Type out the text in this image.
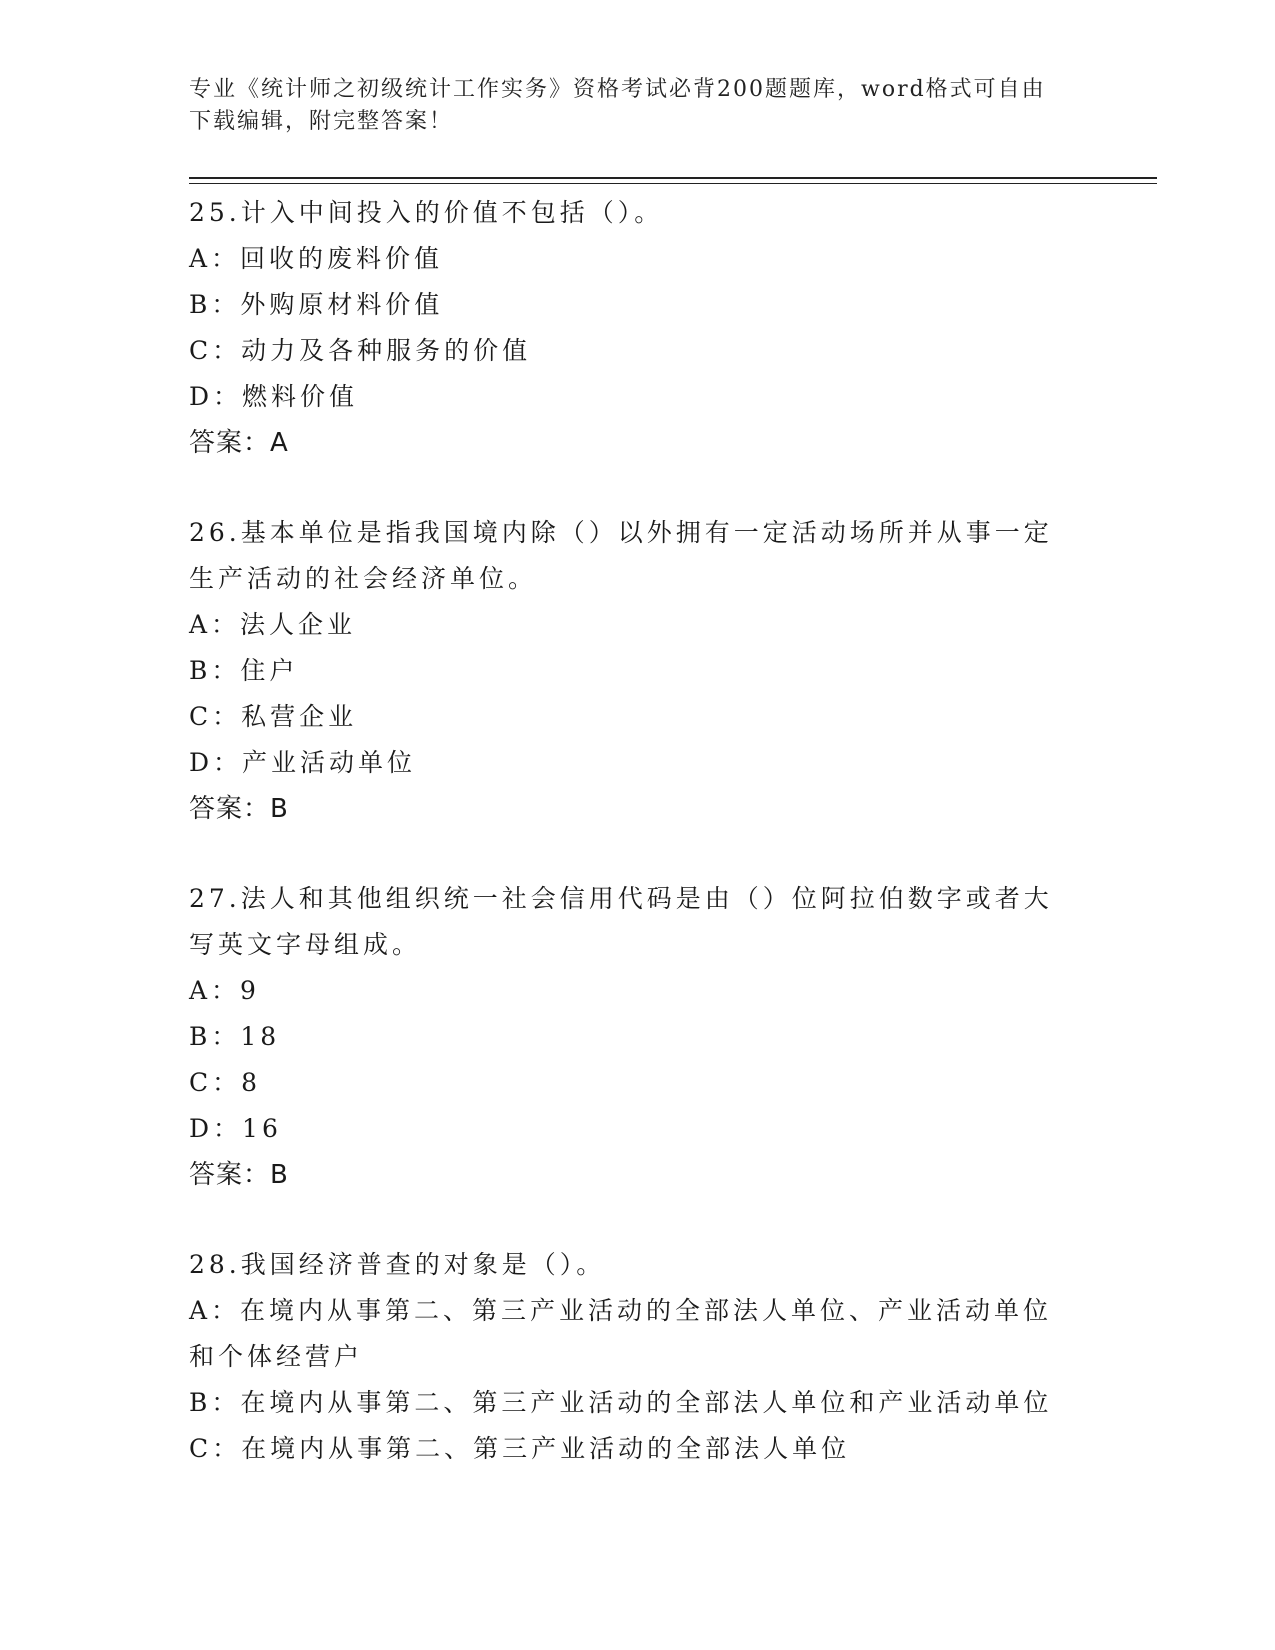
专业《统计师之初级统计工作实务》资格考试必背200题题库，word格式可自由
下载编辑，附完整答案！

25.计入中间投入的价值不包括（）。

A：回收的废料价值

B：外购原材料价值

C：动力及各种服务的价值

D：燃料价值

答案：A

26.基本单位是指我国境内除（）以外拥有一定活动场所并从事一定生产活动的社会经济单位。

A：法人企业

B：住户

C：私营企业

D：产业活动单位

答案：B

27.法人和其他组织统一社会信用代码是由（）位阿拉伯数字或者大写英文字母组成。

A：9

B：18

C：8

D：16

答案：B

28.我国经济普查的对象是（）。

A：在境内从事第二、第三产业活动的全部法人单位、产业活动单位和个体经营户

B：在境内从事第二、第三产业活动的全部法人单位和产业活动单位

C：在境内从事第二、第三产业活动的全部法人单位
